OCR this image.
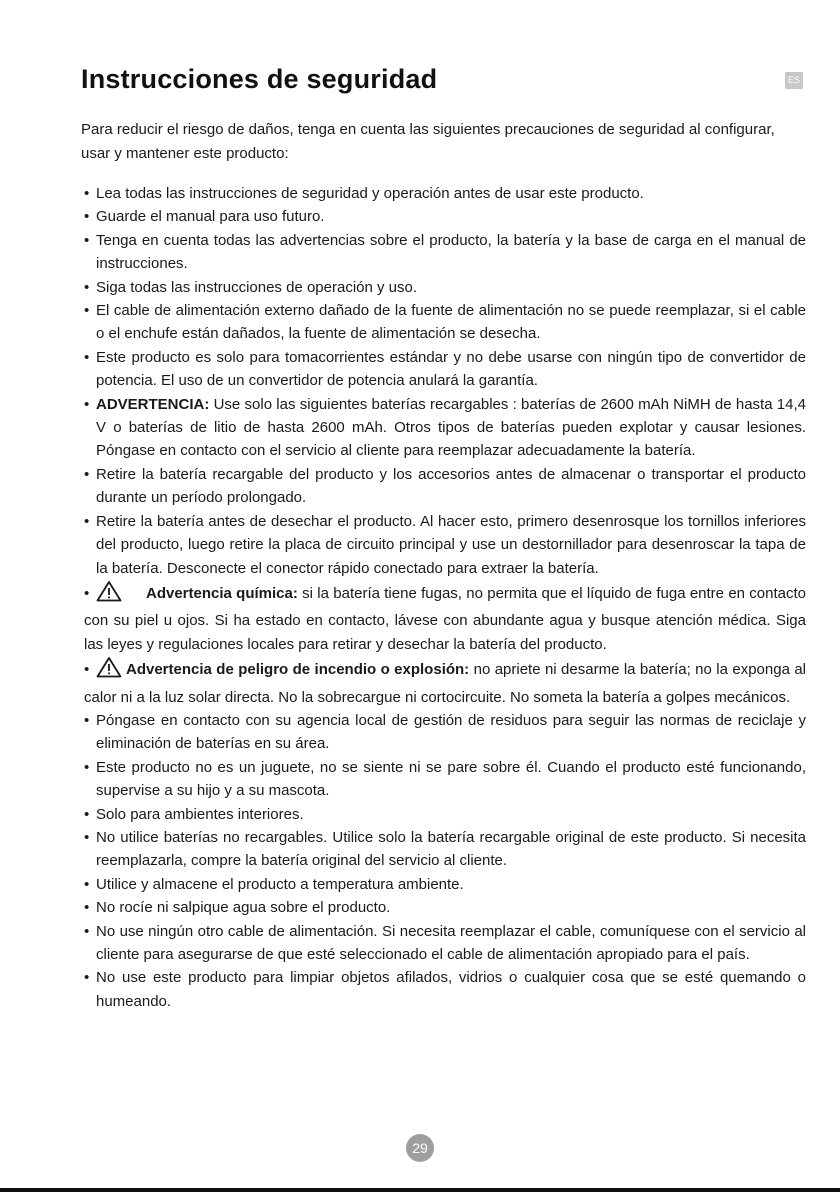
ES
Instrucciones de seguridad

Para reducir el riesgo de daños, tenga en cuenta las siguientes precauciones de seguridad al configurar, usar y mantener este producto:

• Lea todas las instrucciones de seguridad y operación antes de usar este producto.
• Guarde el manual para uso futuro.
• Tenga en cuenta todas las advertencias sobre el producto, la batería y la base de carga en el manual de instrucciones.
• Siga todas las instrucciones de operación y uso.
• El cable de alimentación externo dañado de la fuente de alimentación no se puede reemplazar, si el cable o el enchufe están dañados, la fuente de alimentación se desecha.
• Este producto es solo para tomacorrientes estándar y no debe usarse con ningún tipo de convertidor de potencia. El uso de un convertidor de potencia anulará la garantía.
• ADVERTENCIA: Use solo las siguientes baterías recargables : baterías de 2600 mAh NiMH de hasta 14,4 V o baterías de litio de hasta 2600 mAh. Otros tipos de baterías pueden explotar y causar lesiones. Póngase en contacto con el servicio al cliente para reemplazar adecuadamente la batería.
• Retire la batería recargable del producto y los accesorios antes de almacenar o transportar el producto durante un período prolongado.
• Retire la batería antes de desechar el producto. Al hacer esto, primero desenrosque los tornillos inferiores del producto, luego retire la placa de circuito principal y use un destornillador para desenroscar la tapa de la batería. Desconecte el conector rápido conectado para extraer la batería.
•	Advertencia química: si la batería tiene fugas, no permita que el líquido de fuga entre en contacto con su piel u ojos. Si ha estado en contacto, lávese con abundante agua y busque atención médica. Siga las leyes y regulaciones locales para retirar y desechar la batería del producto.
• Advertencia de peligro de incendio o explosión: no apriete ni desarme la batería; no la exponga al calor ni a la luz solar directa. No la sobrecargue ni cortocircuite. No someta la batería a golpes mecánicos.
• Póngase en contacto con su agencia local de gestión de residuos para seguir las normas de reciclaje y eliminación de baterías en su área.
• Este producto no es un juguete, no se siente ni se pare sobre él. Cuando el producto esté funcionando, supervise a su hijo y a su mascota.
• Solo para ambientes interiores.
• No utilice baterías no recargables. Utilice solo la batería recargable original de este producto. Si necesita reemplazarla, compre la batería original del servicio al cliente.
• Utilice y almacene el producto a temperatura ambiente.
• No rocíe ni salpique agua sobre el producto.
• No use ningún otro cable de alimentación. Si necesita reemplazar el cable, comuníquese con el servicio al cliente para asegurarse de que esté seleccionado el cable de alimentación apropiado para el país.
• No use este producto para limpiar objetos afilados, vidrios o cualquier cosa que se esté quemando o humeando.
29
